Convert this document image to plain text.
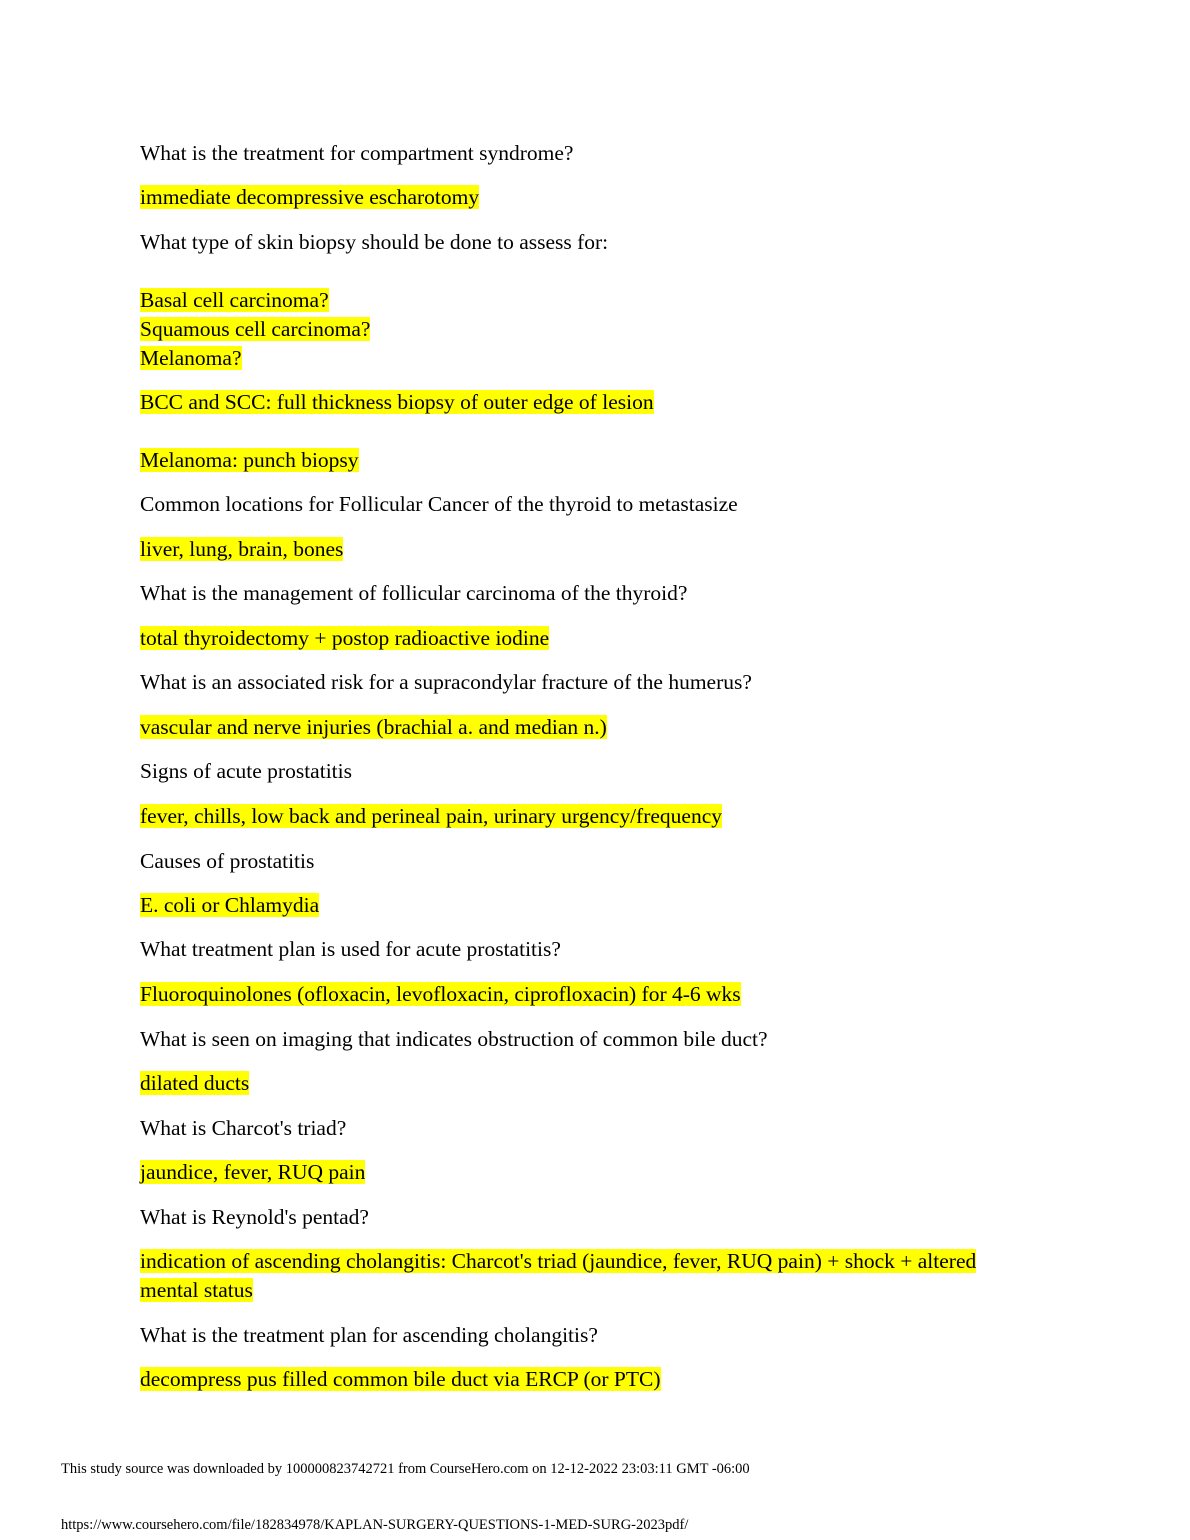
What is the treatment for compartment syndrome?
immediate decompressive escharotomy
What type of skin biopsy should be done to assess for:
Basal cell carcinoma?
Squamous cell carcinoma?
Melanoma?
BCC and SCC: full thickness biopsy of outer edge of lesion
Melanoma: punch biopsy
Common locations for Follicular Cancer of the thyroid to metastasize
liver, lung, brain, bones
What is the management of follicular carcinoma of the thyroid?
total thyroidectomy + postop radioactive iodine
What is an associated risk for a supracondylar fracture of the humerus?
vascular and nerve injuries (brachial a. and median n.)
Signs of acute prostatitis
fever, chills, low back and perineal pain, urinary urgency/frequency
Causes of prostatitis
E. coli or Chlamydia
What treatment plan is used for acute prostatitis?
Fluoroquinolones (ofloxacin, levofloxacin, ciprofloxacin) for 4-6 wks
What is seen on imaging that indicates obstruction of common bile duct?
dilated ducts
What is Charcot's triad?
jaundice, fever, RUQ pain
What is Reynold's pentad?
indication of ascending cholangitis: Charcot's triad (jaundice, fever, RUQ pain) + shock + altered
mental status
What is the treatment plan for ascending cholangitis?
decompress pus filled common bile duct via ERCP (or PTC)
This study source was downloaded by 100000823742721 from CourseHero.com on 12-12-2022 23:03:11 GMT -06:00
https://www.coursehero.com/file/182834978/KAPLAN-SURGERY-QUESTIONS-1-MED-SURG-2023pdf/
